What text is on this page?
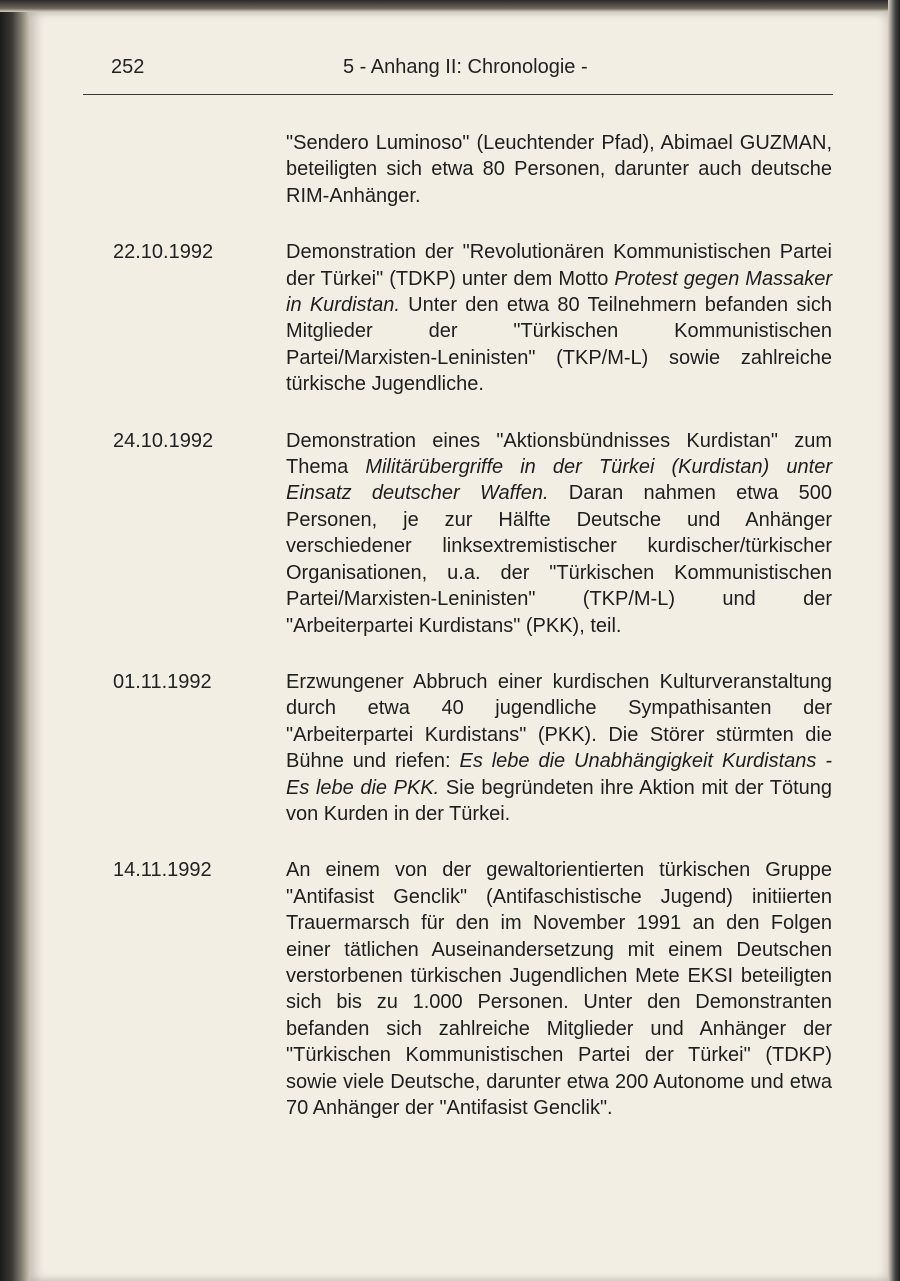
252	5 - Anhang II: Chronologie -
"Sendero Luminoso" (Leuchtender Pfad), Abimael GUZMAN, beteiligten sich etwa 80 Personen, darunter auch deutsche RIM-Anhänger.
22.10.1992	Demonstration der "Revolutionären Kommunistischen Partei der Türkei" (TDKP) unter dem Motto Protest gegen Massaker in Kurdistan. Unter den etwa 80 Teilnehmern befanden sich Mitglieder der "Türkischen Kommunistischen Partei/Marxisten-Leninisten" (TKP/M-L) sowie zahlreiche türkische Jugendliche.
24.10.1992	Demonstration eines "Aktionsbündnisses Kurdistan" zum Thema Militärübergriffe in der Türkei (Kurdistan) unter Einsatz deutscher Waffen. Daran nahmen etwa 500 Personen, je zur Hälfte Deutsche und Anhänger verschiedener linksextremistischer kurdischer/türkischer Organisationen, u.a. der "Türkischen Kommunistischen Partei/Marxisten-Leninisten" (TKP/M-L) und der "Arbeiterpartei Kurdistans" (PKK), teil.
01.11.1992	Erzwungener Abbruch einer kurdischen Kulturveranstaltung durch etwa 40 jugendliche Sympathisanten der "Arbeiterpartei Kurdistans" (PKK). Die Störer stürmten die Bühne und riefen: Es lebe die Unabhängigkeit Kurdistans - Es lebe die PKK. Sie begründeten ihre Aktion mit der Tötung von Kurden in der Türkei.
14.11.1992	An einem von der gewaltorientierten türkischen Gruppe "Antifasist Genclik" (Antifaschistische Jugend) initiierten Trauermarsch für den im November 1991 an den Folgen einer tätlichen Auseinandersetzung mit einem Deutschen verstorbenen türkischen Jugendlichen Mete EKSI beteiligten sich bis zu 1.000 Personen. Unter den Demonstranten befanden sich zahlreiche Mitglieder und Anhänger der "Türkischen Kommunistischen Partei der Türkei" (TDKP) sowie viele Deutsche, darunter etwa 200 Autonome und etwa 70 Anhänger der "Antifasist Genclik".
